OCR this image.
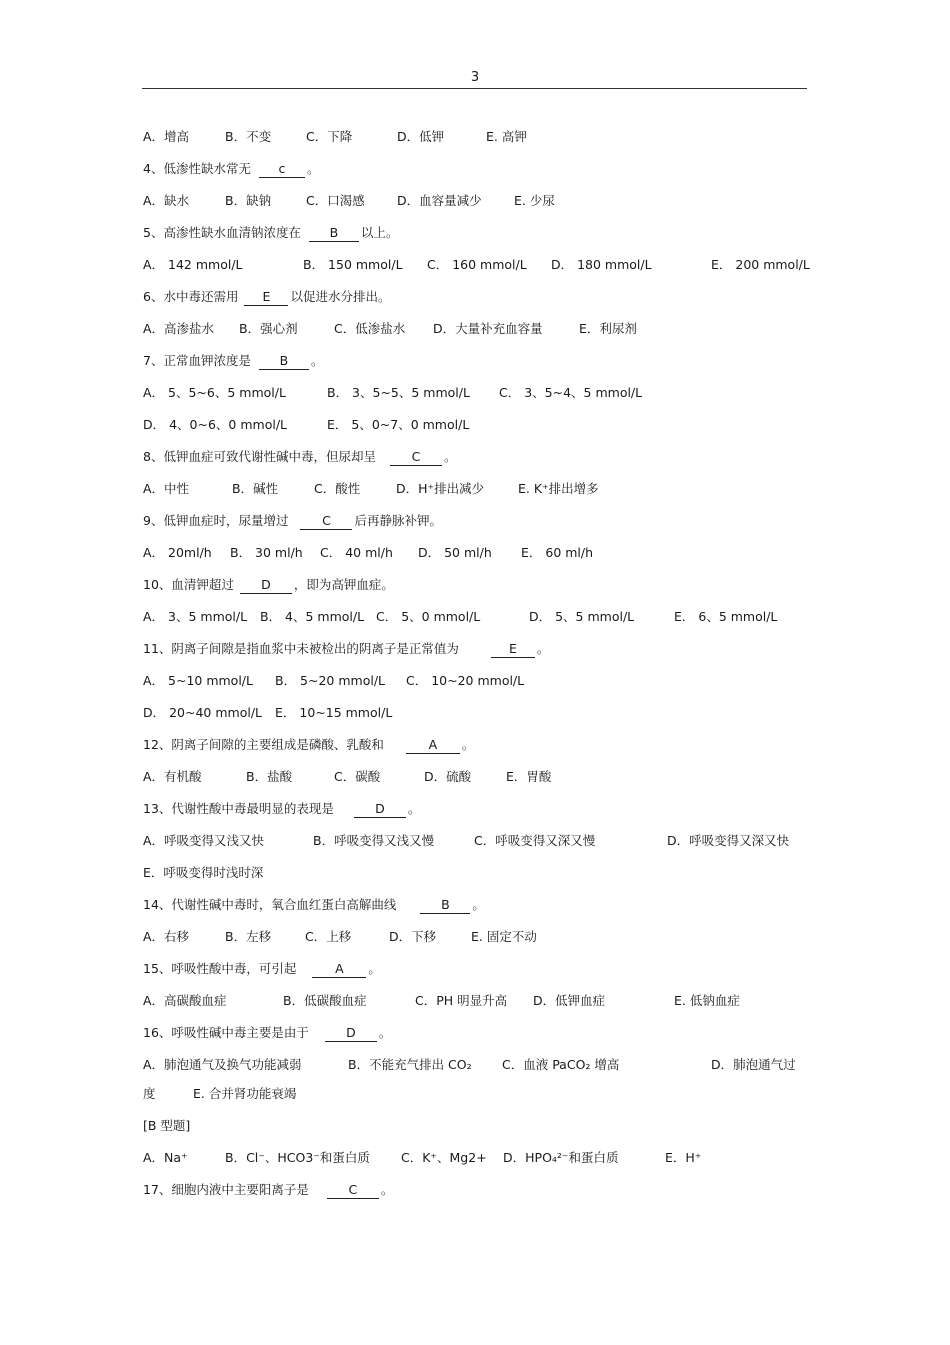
3
A．增高	B．不变	C．下降	D．低钾	E. 高钾
4、低渗性缺水常无 c 。
A．缺水	B．缺钠	C．口渴感	D．血容量减少	E. 少尿
5、高渗性缺水血清钠浓度在 B 以上。
A． 142 mmol/L	B． 150 mmol/L C． 160 mmol/L D． 180 mmol/L	E． 200 mmol/L
6、水中毒还需用 E 以促进水分排出。
A．高渗盐水 B．强心剂	C．低渗盐水 D．大量补充血容量	E．利尿剂
7、正常血钾浓度是 B 。
A． 5、5~6、5 mmol/L	B． 3、5~5、5 mmol/L C． 3、5~4、5 mmol/L
D． 4、0~6、0 mmol/L	E． 5、0~7、0 mmol/L
8、低钾血症可致代谢性碱中毒，但尿却呈	C 。
A．中性	B．碱性	C．酸性	D．H⁺排出减少	E. K⁺排出增多
9、低钾血症时，尿量增过	C 后再静脉补钾。
A． 20ml/h B． 30 ml/h C． 40 ml/h D． 50 ml/h E． 60 ml/h
10、血清钾超过 D ，即为高钾血症。
A． 3、5 mmol/L B． 4、5 mmol/L C． 5、0 mmol/L	D． 5、5 mmol/L	E． 6、5 mmol/L
11、阴离子间隙是指血浆中未被检出的阴离子是正常值为	E 。
A． 5~10 mmol/L B． 5~20 mmol/L C． 10~20 mmol/L
D． 20~40 mmol/L E． 10~15 mmol/L
12、阴离子间隙的主要组成是磷酸、乳酸和	A 。
A．有机酸	B．盐酸	C．碳酸	D．硫酸	E．胃酸
13、代谢性酸中毒最明显的表现是	D 。
A．呼吸变得又浅又快	B．呼吸变得又浅又慢	C．呼吸变得又深又慢	D．呼吸变得又深又快
E．呼吸变得时浅时深
14、代谢性碱中毒时，氧合血红蛋白高解曲线	B 。
A．右移	B．左移	C．上移	D．下移	E. 固定不动
15、呼吸性酸中毒，可引起	A 。
A．高碳酸血症	B．低碳酸血症	C．PH 明显升高 D．低钾血症	E. 低钠血症
16、呼吸性碱中毒主要是由于	D 。
A．肺泡通气及换气功能减弱	B．不能充气排出 CO₂ C．血液 PaCO₂ 增高	D．肺泡通气过
度	E. 合并肾功能衰竭
[B 型题]
A．Na⁺	B．Cl⁻、HCO3⁻和蛋白质 C．K⁺、Mg2+ D．HPO₄²⁻和蛋白质	E．H⁺
17、细胞内液中主要阳离子是	C 。
